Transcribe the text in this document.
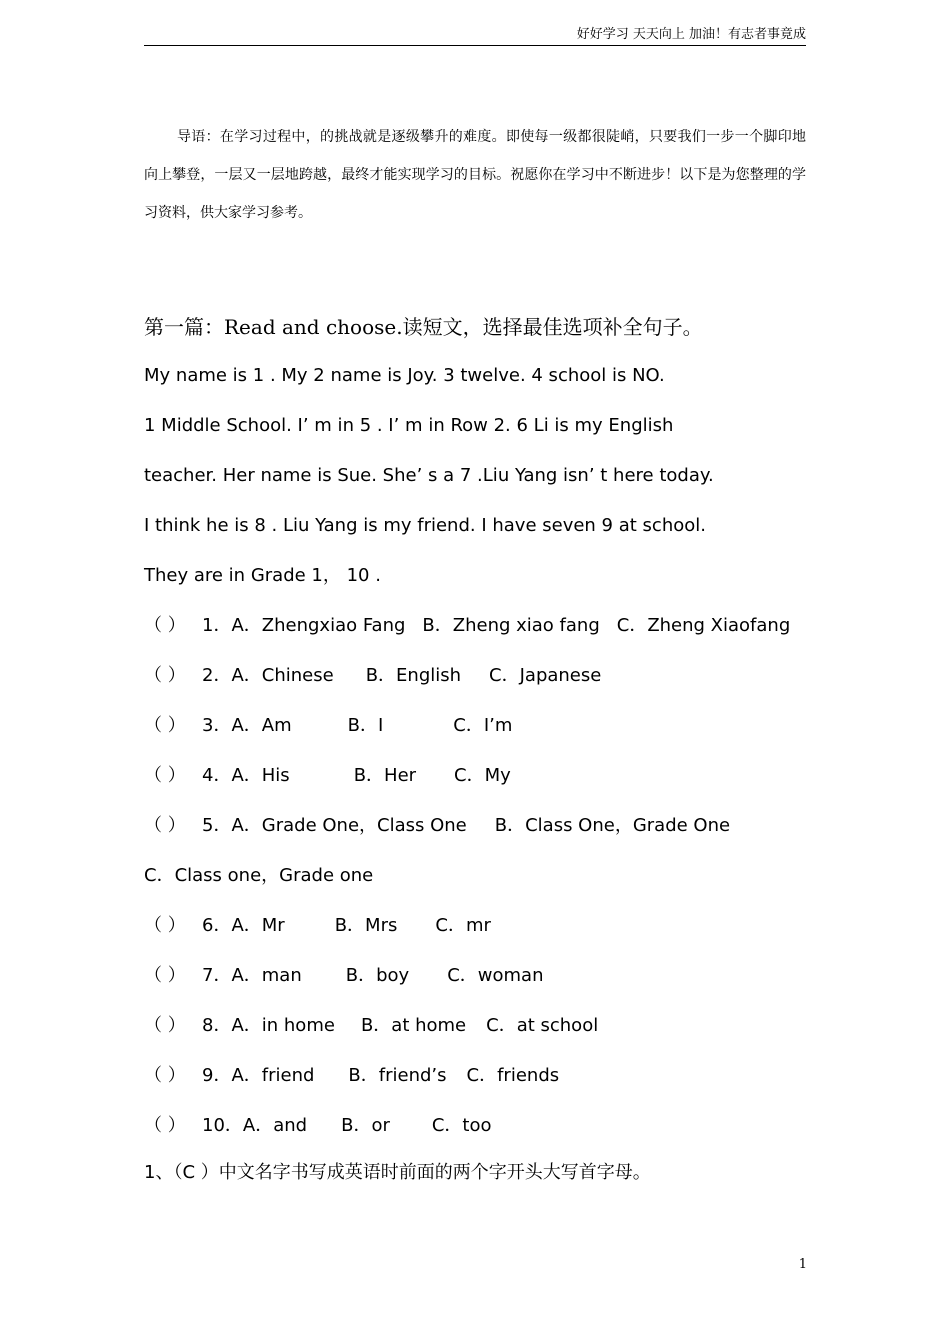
好好学习 天天向上 加油！有志者事竟成

导语：在学习过程中，的挑战就是逐级攀升的难度。即使每一级都很陡峭，只要我们一步一个脚印地向上攀登，一层又一层地跨越，最终才能实现学习的目标。祝愿你在学习中不断进步！以下是为您整理的学习资料，供大家学习参考。

第一篇：Read and choose.读短文，选择最佳选项补全句子。
My name is 1 . My 2 name is Joy. 3 twelve. 4 school is NO.
1 Middle School. I’ m in 5 . I’ m in Row 2. 6 Li is my English
teacher. Her name is Sue. She’ s a 7 .Liu Yang isn’ t here today.
I think he is 8 . Liu Yang is my friend. I have seven 9 at school.
They are in Grade 1， 10 .
（ ） 1．A．Zhengxiao Fang B．Zheng xiao fang C．Zheng Xiaofang
（ ） 2．A．Chinese B．English C．Japanese
（ ） 3．A．Am	B．I	C．I’m
（ ） 4．A．His	B．Her C．My
（ ） 5．A．Grade One，Class One B．Class One，Grade One
C．Class one，Grade one
（ ） 6．A．Mr	B．Mrs C．mr
（ ） 7．A．man B．boy C．woman
（ ） 8．A．in home B．at home C．at school
（ ） 9．A．friend B．friend’s C．friends
（ ） 10．A．and B．or C．too
1、（C ）中文名字书写成英语时前面的两个字开头大写首字母。
1
